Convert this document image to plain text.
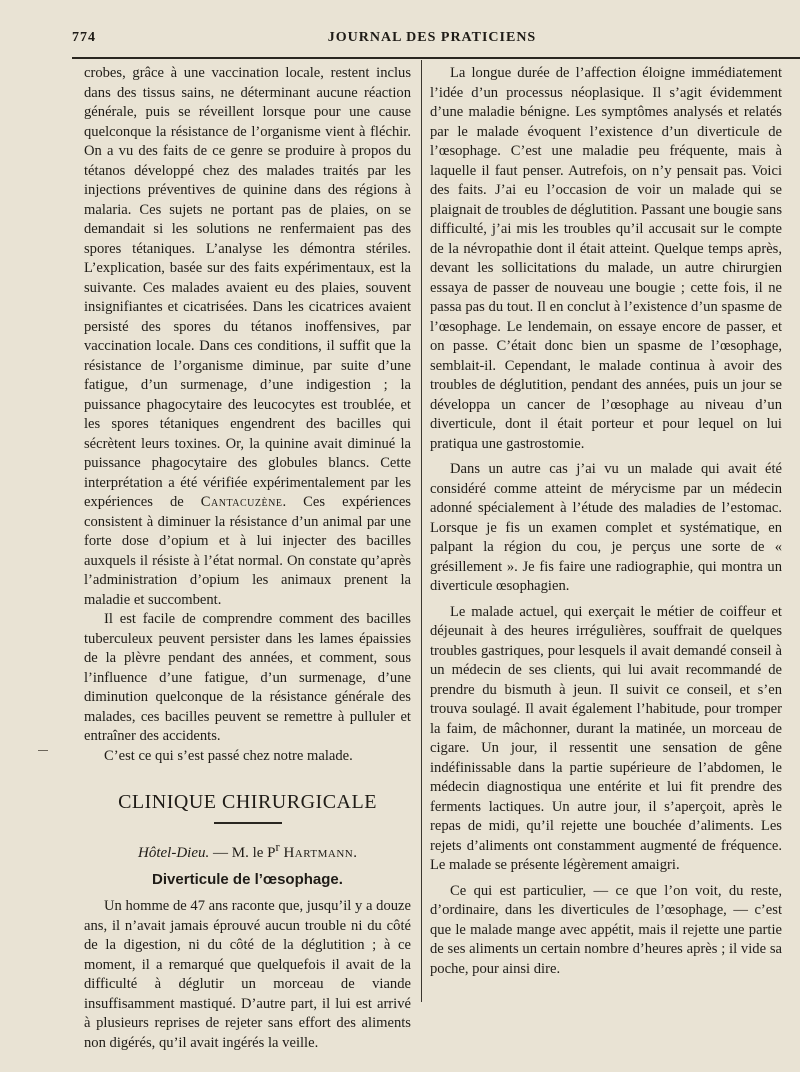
774	JOURNAL DES PRATICIENS

crobes, grâce à une vaccination locale, restent inclus dans des tissus sains, ne déterminant aucune réaction générale, puis se réveillent lorsque pour une cause quelconque la résistance de l’organisme vient à fléchir. On a vu des faits de ce genre se produire à propos du tétanos développé chez des malades traités par les injections préventives de quinine dans des régions à malaria. Ces sujets ne portant pas de plaies, on se demandait si les solutions ne renfermaient pas des spores tétaniques. L’analyse les démontra stériles. L’explication, basée sur des faits expérimentaux, est la suivante. Ces malades avaient eu des plaies, souvent insignifiantes et cicatrisées. Dans les cicatrices avaient persisté des spores du tétanos inoffensives, par vaccination locale. Dans ces conditions, il suffit que la résistance de l’organisme diminue, par suite d’une fatigue, d’un surmenage, d’une indigestion ; la puissance phagocytaire des leucocytes est troublée, et les spores tétaniques engendrent des bacilles qui sécrètent leurs toxines. Or, la quinine avait diminué la puissance phagocytaire des globules blancs. Cette interprétation a été vérifiée expérimentalement par les expériences de Cantacuzène. Ces expériences consistent à diminuer la résistance d’un animal par une forte dose d’opium et à lui injecter des bacilles auxquels il résiste à l’état normal. On constate qu’après l’administration d’opium les animaux prenent la maladie et succombent.

Il est facile de comprendre comment des bacilles tuberculeux peuvent persister dans les lames épaissies de la plèvre pendant des années, et comment, sous l’influence d’une fatigue, d’un surmenage, d’une diminution quelconque de la résistance générale des malades, ces bacilles peuvent se remettre à pulluler et entraîner des accidents.

C’est ce qui s’est passé chez notre malade.

CLINIQUE CHIRURGICALE
Hôtel-Dieu. — M. le $P^r$ Hartmann.
Diverticule de l’œsophage.

Un homme de 47 ans raconte que, jusqu’il y a douze ans, il n’avait jamais éprouvé aucun trouble ni du côté de la digestion, ni du côté de la déglutition ; à ce moment, il a remarqué que quelquefois il avait de la difficulté à déglutir un morceau de viande insuffisamment mastiqué. D’autre part, il lui est arrivé à plusieurs reprises de rejeter sans effort des aliments non digérés, qu’il avait ingérés la veille.

La longue durée de l’affection éloigne immédiatement l’idée d’un processus néoplasique. Il s’agit évidemment d’une maladie bénigne. Les symptômes analysés et relatés par le malade évoquent l’existence d’un diverticule de l’œsophage. C’est une maladie peu fréquente, mais à laquelle il faut penser. Autrefois, on n’y pensait pas. Voici des faits. J’ai eu l’occasion de voir un malade qui se plaignait de troubles de déglutition. Passant une bougie sans difficulté, j’ai mis les troubles qu’il accusait sur le compte de la névropathie dont il était atteint. Quelque temps après, devant les sollicitations du malade, un autre chirurgien essaya de passer de nouveau une bougie ; cette fois, il ne passa pas du tout. Il en conclut à l’existence d’un spasme de l’œsophage. Le lendemain, on essaye encore de passer, et on passe. C’était donc bien un spasme de l’œsophage, semblait-il. Cependant, le malade continua à avoir des troubles de déglutition, pendant des années, puis un jour se développa un cancer de l’œsophage au niveau d’un diverticule, dont il était porteur et pour lequel on lui pratiqua une gastrostomie.

Dans un autre cas j’ai vu un malade qui avait été considéré comme atteint de mérycisme par un médecin adonné spécialement à l’étude des maladies de l’estomac. Lorsque je fis un examen complet et systématique, en palpant la région du cou, je perçus une sorte de « grésillement ». Je fis faire une radiographie, qui montra un diverticule œsophagien.

Le malade actuel, qui exerçait le métier de coiffeur et déjeunait à des heures irrégulières, souffrait de quelques troubles gastriques, pour lesquels il avait demandé conseil à un médecin de ses clients, qui lui avait recommandé de prendre du bismuth à jeun. Il suivit ce conseil, et s’en trouva soulagé. Il avait également l’habitude, pour tromper la faim, de mâchonner, durant la matinée, un morceau de cigare. Un jour, il ressentit une sensation de gêne indéfinissable dans la partie supérieure de l’abdomen, le médecin diagnostiqua une entérite et lui fit prendre des ferments lactiques. Un autre jour, il s’aperçoit, après le repas de midi, qu’il rejette une bouchée d’aliments. Les rejets d’aliments ont constamment augmenté de fréquence. Le malade se présente légèrement amaigri.

Ce qui est particulier, — ce que l’on voit, du reste, d’ordinaire, dans les diverticules de l’œsophage, — c’est que le malade mange avec appétit, mais il rejette une partie de ses aliments un certain nombre d’heures après ; il vide sa poche, pour ainsi dire.
